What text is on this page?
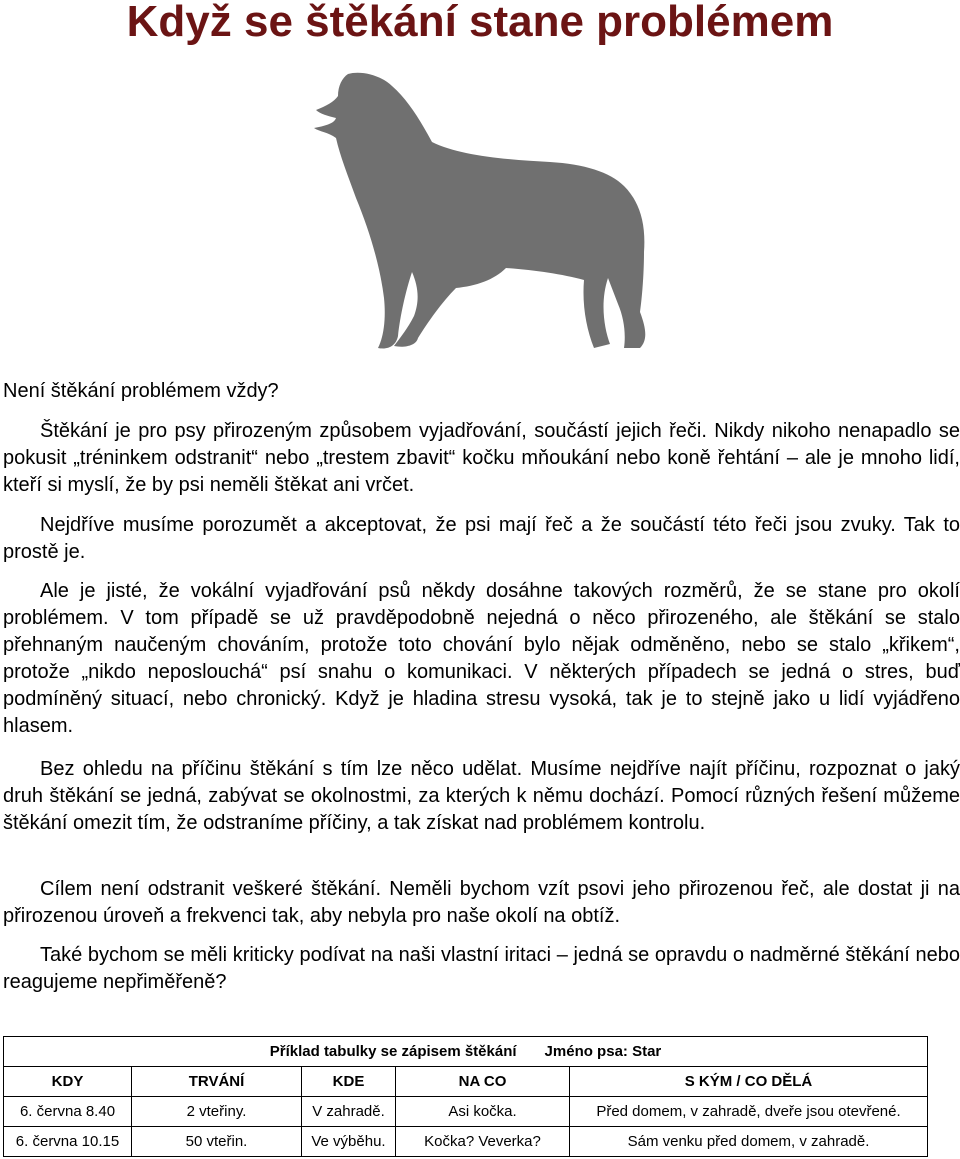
Když se štěkání stane problémem

Není štěkání problémem vždy?

Štěkání je pro psy přirozeným způsobem vyjadřování, součástí jejich řeči. Nikdy nikoho nenapadlo se pokusit „tréninkem odstranit“ nebo „trestem zbavit“ kočku mňoukání nebo koně řehtání – ale je mnoho lidí, kteří si myslí, že by psi neměli štěkat ani vrčet.

Nejdříve musíme porozumět a akceptovat, že psi mají řeč a že součástí této řeči jsou zvuky. Tak to prostě je.

Ale je jisté, že vokální vyjadřování psů někdy dosáhne takových rozměrů, že se stane pro okolí problémem. V tom případě se už pravděpodobně nejedná o něco přirozeného, ale štěkání se stalo přehnaným naučeným chováním, protože toto chování bylo nějak odměněno, nebo se stalo „křikem“, protože „nikdo neposlouchá“ psí snahu o komunikaci. V některých případech se jedná o stres, buď podmíněný situací, nebo chronický. Když je hladina stresu vysoká, tak je to stejně jako u lidí vyjádřeno hlasem.

Bez ohledu na příčinu štěkání s tím lze něco udělat. Musíme nejdříve najít příčinu, rozpoznat o jaký druh štěkání se jedná, zabývat se okolnostmi, za kterých k němu dochází. Pomocí různých řešení můžeme štěkání omezit tím, že odstraníme příčiny, a tak získat nad problémem kontrolu.

Cílem není odstranit veškeré štěkání. Neměli bychom vzít psovi jeho přirozenou řeč, ale dostat ji na přirozenou úroveň a frekvenci tak, aby nebyla pro naše okolí na obtíž.

Také bychom se měli kriticky podívat na naši vlastní iritaci – jedná se opravdu o nadměrné štěkání nebo reagujeme nepřiměřeně?

Příklad tabulky se zápisem štěkání Jméno psa: Star				
KDY	TRVÁNÍ	KDE	NA CO	S KÝM / CO DĚLÁ
6. června 8.40	2 vteřiny.	V zahradě.	Asi kočka.	Před domem, v zahradě, dveře jsou otevřené.
6. června 10.15	50 vteřin.	Ve výběhu.	Kočka? Veverka?	Sám venku před domem, v zahradě.
